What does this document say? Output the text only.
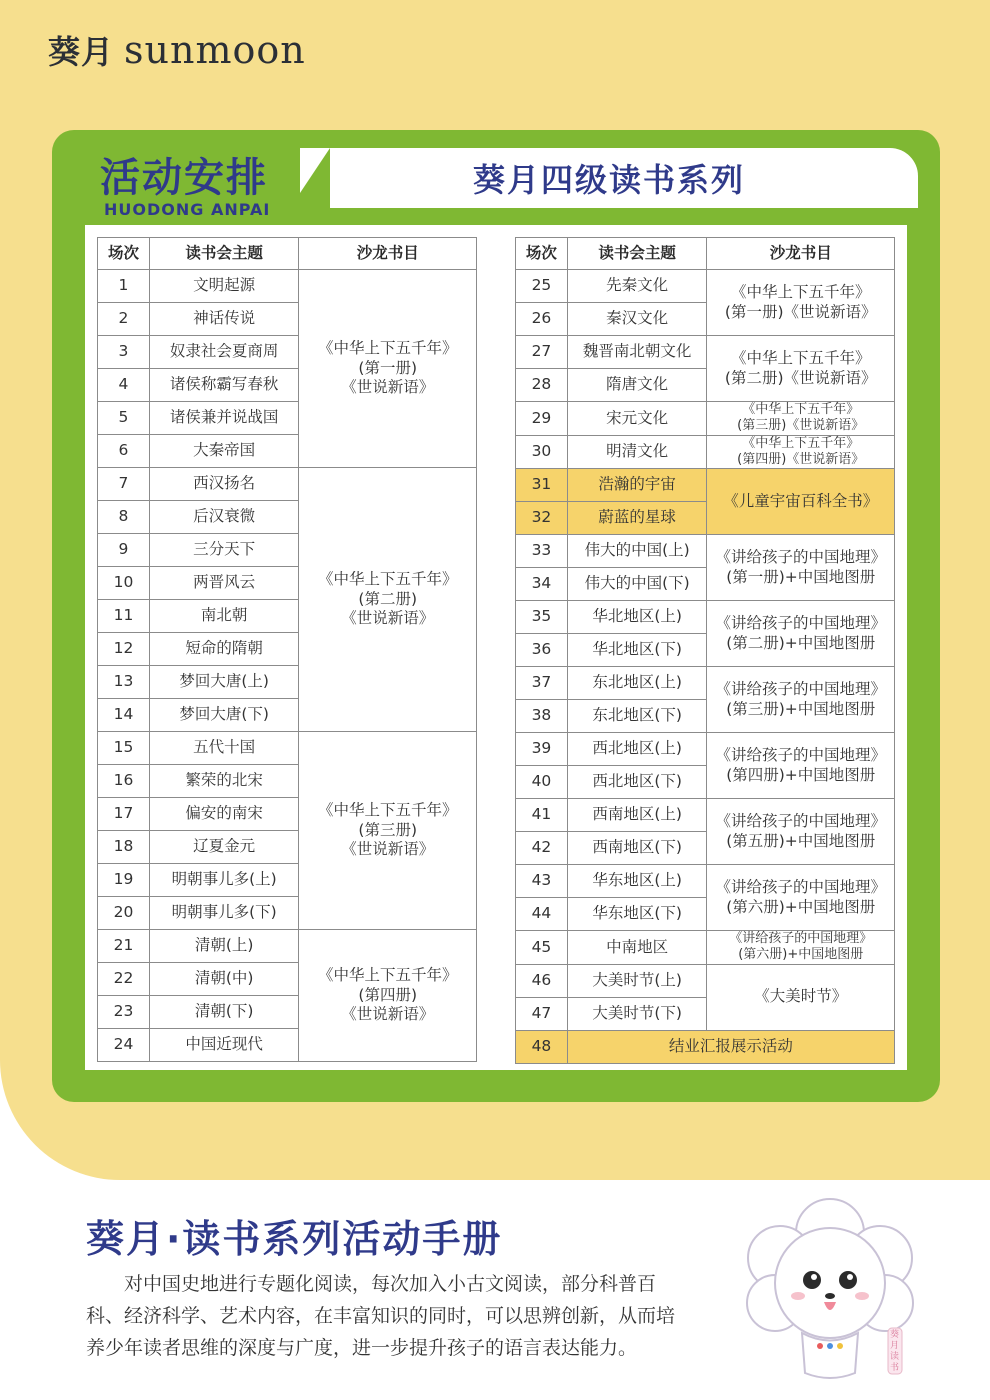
葵月 sunmoon
活动安排
HUODONG ANPAI
葵月四级读书系列
场次	读书会主题	沙龙书目
1	文明起源	《中华上下五千年》
(第一册)
《世说新语》

2	神话传说	
3	奴隶社会夏商周	
4	诸侯称霸写春秋	
5	诸侯兼并说战国	
6	大秦帝国	
7	西汉扬名	《中华上下五千年》
(第二册)
《世说新语》

8	后汉衰微	
9	三分天下	
10	两晋风云	
11	南北朝	
12	短命的隋朝	
13	梦回大唐(上)	
14	梦回大唐(下)	
15	五代十国	《中华上下五千年》
(第三册)
《世说新语》

16	繁荣的北宋	
17	偏安的南宋	
18	辽夏金元	
19	明朝事儿多(上)	
20	明朝事儿多(下)	
21	清朝(上)	《中华上下五千年》
(第四册)
《世说新语》

22	清朝(中)	
23	清朝(下)	
24	中国近现代	
场次	读书会主题	沙龙书目
25	先秦文化	《中华上下五千年》
(第一册)《世说新语》

26	秦汉文化	
27	魏晋南北朝文化	《中华上下五千年》
(第二册)《世说新语》

28	隋唐文化	
29	宋元文化	《中华上下五千年》
(第三册)《世说新语》

30	明清文化	《中华上下五千年》
(第四册)《世说新语》

31	浩瀚的宇宙	《儿童宇宙百科全书》
32	蔚蓝的星球	
33	伟大的中国(上)	《讲给孩子的中国地理》
(第一册)+中国地图册

34	伟大的中国(下)	
35	华北地区(上)	《讲给孩子的中国地理》
(第二册)+中国地图册

36	华北地区(下)	
37	东北地区(上)	《讲给孩子的中国地理》
(第三册)+中国地图册

38	东北地区(下)	
39	西北地区(上)	《讲给孩子的中国地理》
(第四册)+中国地图册

40	西北地区(下)	
41	西南地区(上)	《讲给孩子的中国地理》
(第五册)+中国地图册

42	西南地区(下)	
43	华东地区(上)	《讲给孩子的中国地理》
(第六册)+中国地图册

44	华东地区(下)	
45	中南地区	《讲给孩子的中国地理》
(第六册)+中国地图册

46	大美时节(上)	《大美时节》
47	大美时节(下)	
48	结业汇报展示活动	
葵月·读书系列活动手册
对中国史地进行专题化阅读，每次加入小古文阅读，部分科普百
科、经济科学、艺术内容，在丰富知识的同时，可以思辨创新，从而培
养少年读者思维的深度与广度，进一步提升孩子的语言表达能力。
葵月读书
